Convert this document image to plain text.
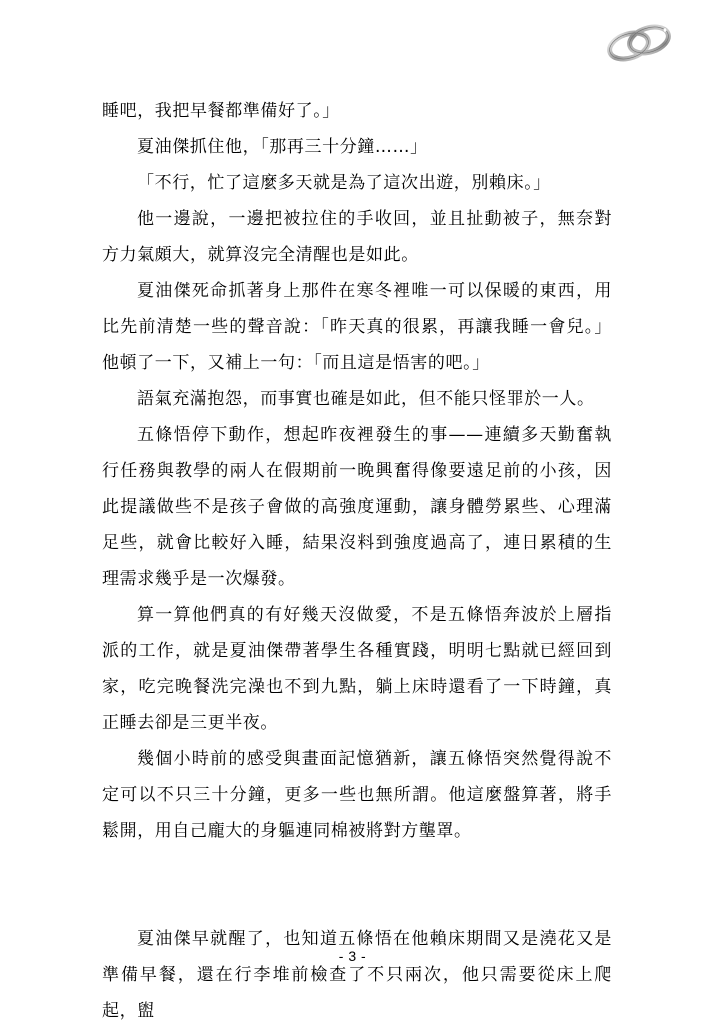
睡吧，我把早餐都準備好了。」

夏油傑抓住他，「那再三十分鐘……」

「不行，忙了這麼多天就是為了這次出遊，別賴床。」

他一邊說，一邊把被拉住的手收回，並且扯動被子，無奈對方力氣頗大，就算沒完全清醒也是如此。

夏油傑死命抓著身上那件在寒冬裡唯一可以保暖的東西，用比先前清楚一些的聲音說：「昨天真的很累，再讓我睡一會兒。」他頓了一下，又補上一句：「而且這是悟害的吧。」

語氣充滿抱怨，而事實也確是如此，但不能只怪罪於一人。

五條悟停下動作，想起昨夜裡發生的事——連續多天勤奮執行任務與教學的兩人在假期前一晚興奮得像要遠足前的小孩，因此提議做些不是孩子會做的高強度運動，讓身體勞累些、心理滿足些，就會比較好入睡，結果沒料到強度過高了，連日累積的生理需求幾乎是一次爆發。

算一算他們真的有好幾天沒做愛，不是五條悟奔波於上層指派的工作，就是夏油傑帶著學生各種實踐，明明七點就已經回到家，吃完晚餐洗完澡也不到九點，躺上床時還看了一下時鐘，真正睡去卻是三更半夜。

幾個小時前的感受與畫面記憶猶新，讓五條悟突然覺得說不定可以不只三十分鐘，更多一些也無所謂。他這麼盤算著，將手鬆開，用自己龐大的身軀連同棉被將對方壟罩。

夏油傑早就醒了，也知道五條悟在他賴床期間又是澆花又是準備早餐，還在行李堆前檢查了不只兩次，他只需要從床上爬起，盥

- 3 -
